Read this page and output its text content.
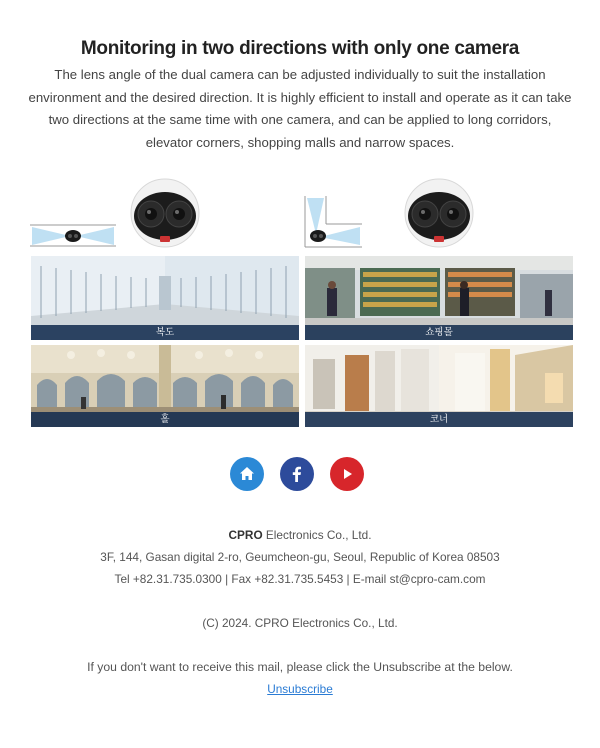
Monitoring in two directions with only one camera
The lens angle of the dual camera can be adjusted individually to suit the installation environment and the desired direction. It is highly efficient to install and operate as it can take two directions at the same time with one camera, and can be applied to long corridors, elevator corners, shopping malls and narrow spaces.
복도	쇼핑몰
홀	코너
CPRO Electronics Co., Ltd.
3F, 144, Gasan digital 2-ro, Geumcheon-gu, Seoul, Republic of Korea 08503
Tel +82.31.735.0300 | Fax +82.31.735.5453 | E-mail st@cpro-cam.com
(C) 2024. CPRO Electronics Co., Ltd.
If you don't want to receive this mail, please click the Unsubscribe at the below.
Unsubscribe
